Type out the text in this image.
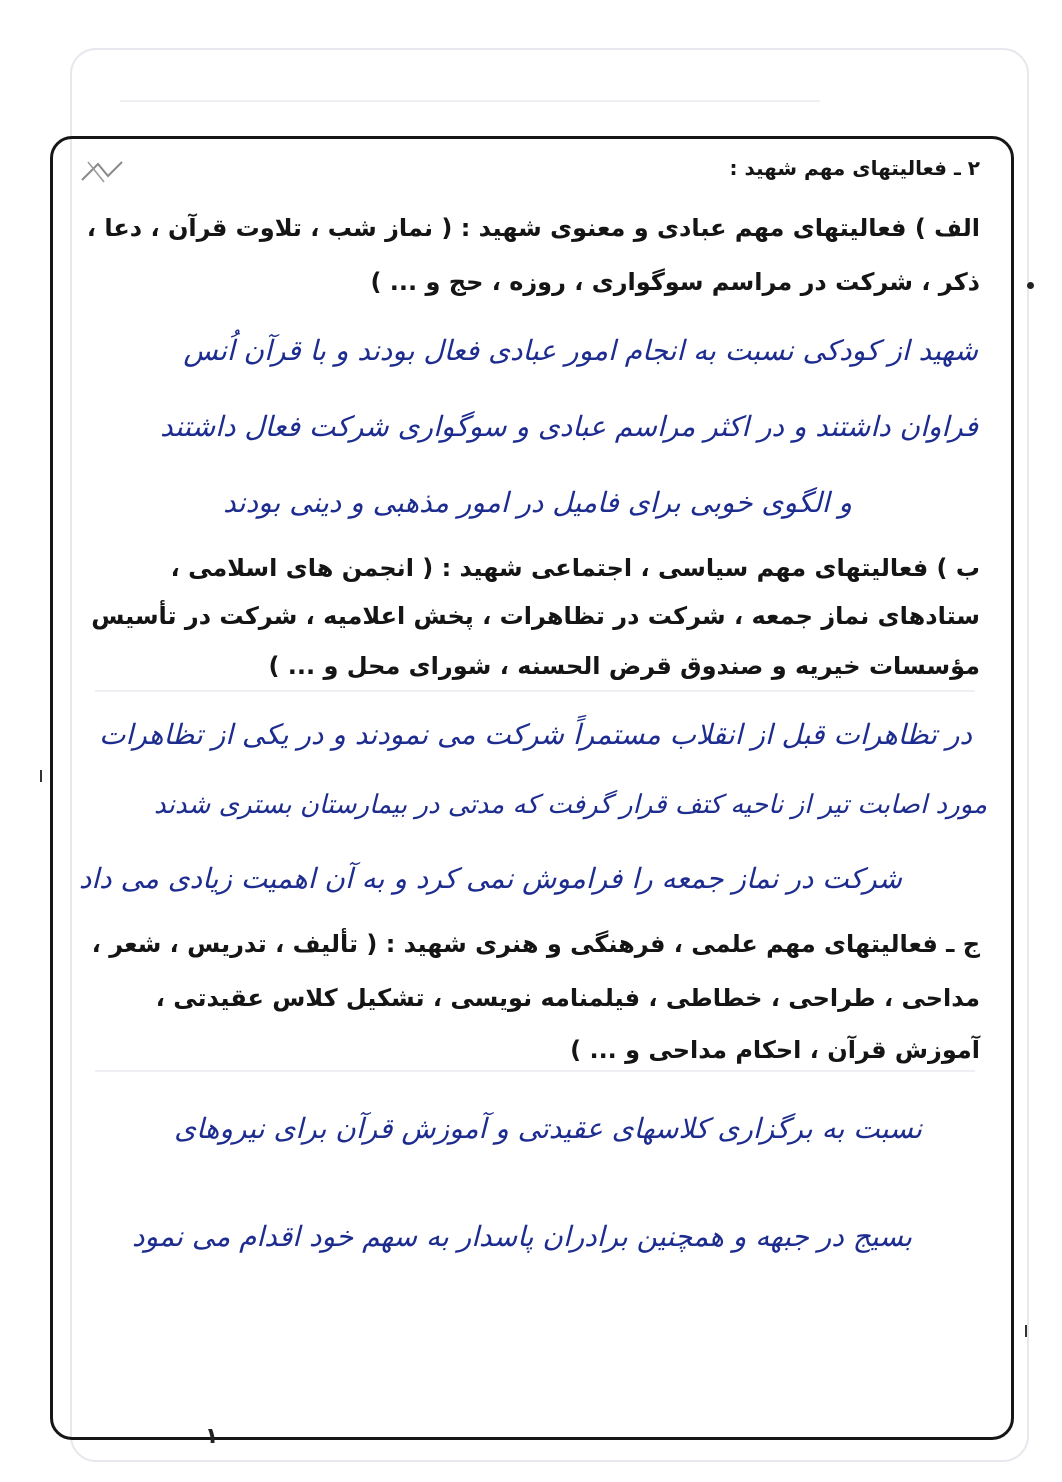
۲ ـ فعالیتهای مهم شهید :
الف ) فعالیتهای مهم عبادی و معنوی شهید : ( نماز شب ، تلاوت قرآن ، دعا ،
ذکر ، شرکت در مراسم سوگواری ، روزه ، حج و ... )
شهید از کودکی نسبت به انجام امور عبادی فعال بودند و با قرآن اُنس
فراوان داشتند و در اکثر مراسم عبادی و سوگواری شرکت فعال داشتند
و الگوی خوبی برای فامیل در امور مذهبی و دینی بودند
ب ) فعالیتهای مهم سیاسی ، اجتماعی شهید : ( انجمن های اسلامی ،
ستادهای نماز جمعه ، شرکت در تظاهرات ، پخش اعلامیه ، شرکت در تأسیس
مؤسسات خیریه و صندوق قرض الحسنه ، شورای محل و ... )
در تظاهرات قبل از انقلاب مستمراً شرکت می نمودند و در یکی از تظاهرات
مورد اصابت تیر از ناحیه کتف قرار گرفت که مدتی در بیمارستان بستری شدند
شرکت در نماز جمعه را فراموش نمی کرد و به آن اهمیت زیادی می داد
ج ـ فعالیتهای مهم علمی ، فرهنگی و هنری شهید : ( تألیف ، تدریس ، شعر ،
مداحی ، طراحی ، خطاطی ، فیلمنامه نویسی ، تشکیل کلاس عقیدتی ،
آموزش قرآن ، احکام مداحی و ... )
نسبت به برگزاری کلاسهای عقیدتی و آموزش قرآن برای نیروهای
بسیج در جبهه و همچنین برادران پاسدار به سهم خود اقدام می نمود
۱
